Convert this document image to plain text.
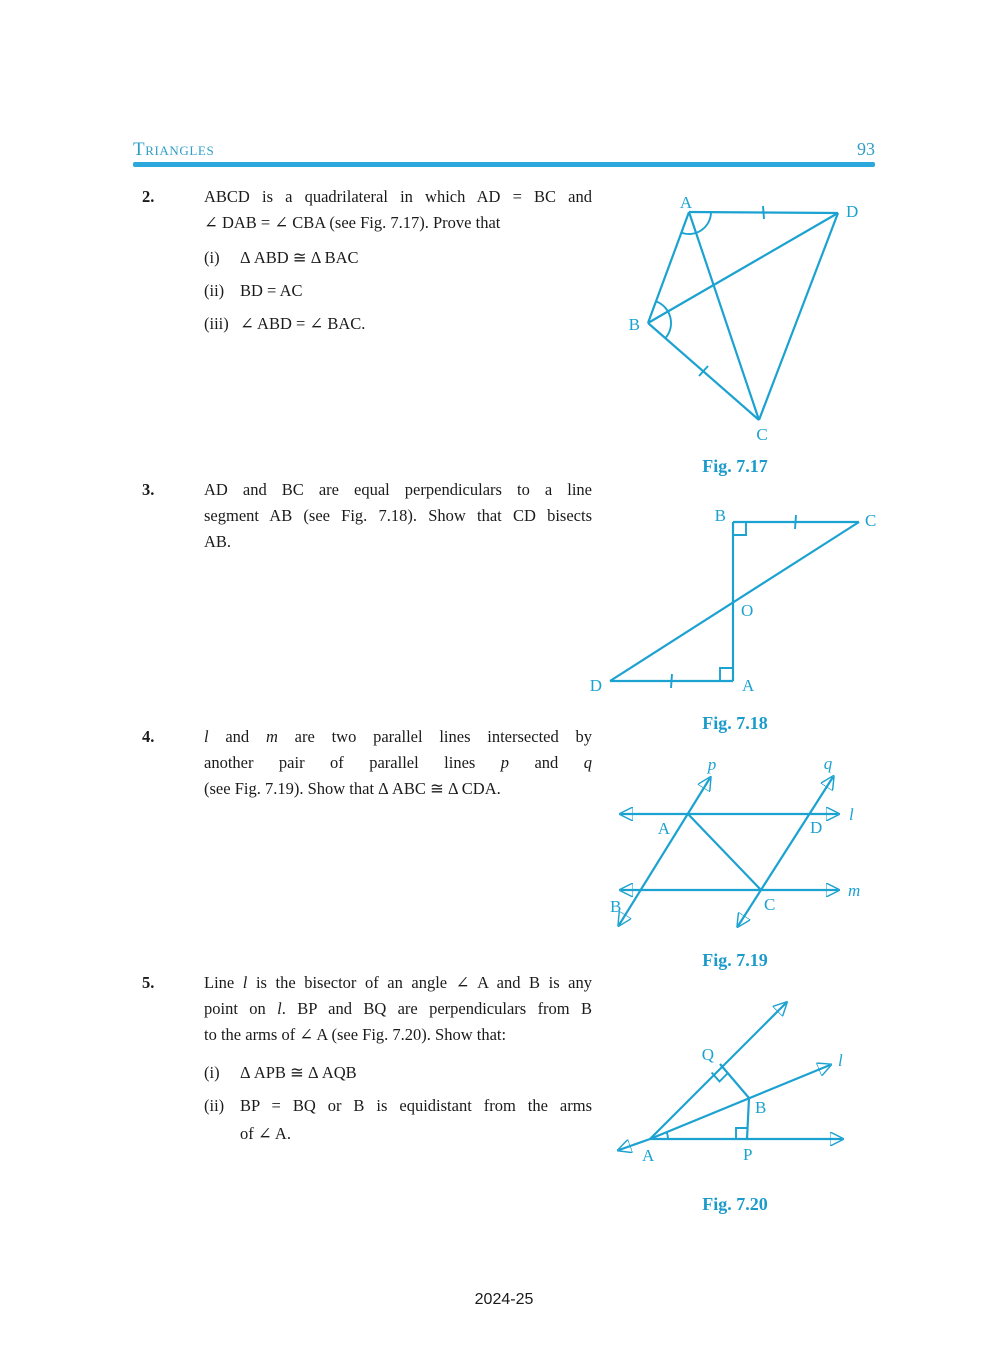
Triangles	93
2.	ABCD is a quadrilateral in which AD = BC and
∠ DAB = ∠ CBA (see Fig. 7.17). Prove that
(i)	Δ ABD ≅ Δ BAC
(ii) BD = AC
(iii) ∠ ABD = ∠ BAC.
A	D
B
C
Fig. 7.17
3.	AD and BC are equal perpendiculars to a line
segment AB (see Fig. 7.18). Show that CD bisects
AB.
B	C
O
D	A
Fig. 7.18
4.	l and m are two parallel lines intersected by
another pair of parallel lines p and q
(see Fig. 7.19). Show that Δ ABC ≅ Δ CDA.
p	q
l
m
A	D
B	C
Fig. 7.19
5.	Line l is the bisector of an angle ∠ A and B is any
point on l. BP and BQ are perpendiculars from B
to the arms of ∠ A (see Fig. 7.20). Show that:
(i)	Δ APB ≅ Δ AQB
(ii) BP = BQ or B is equidistant from the arms
of ∠ A.
Q
B
A	P
l
Fig. 7.20
2024-25
